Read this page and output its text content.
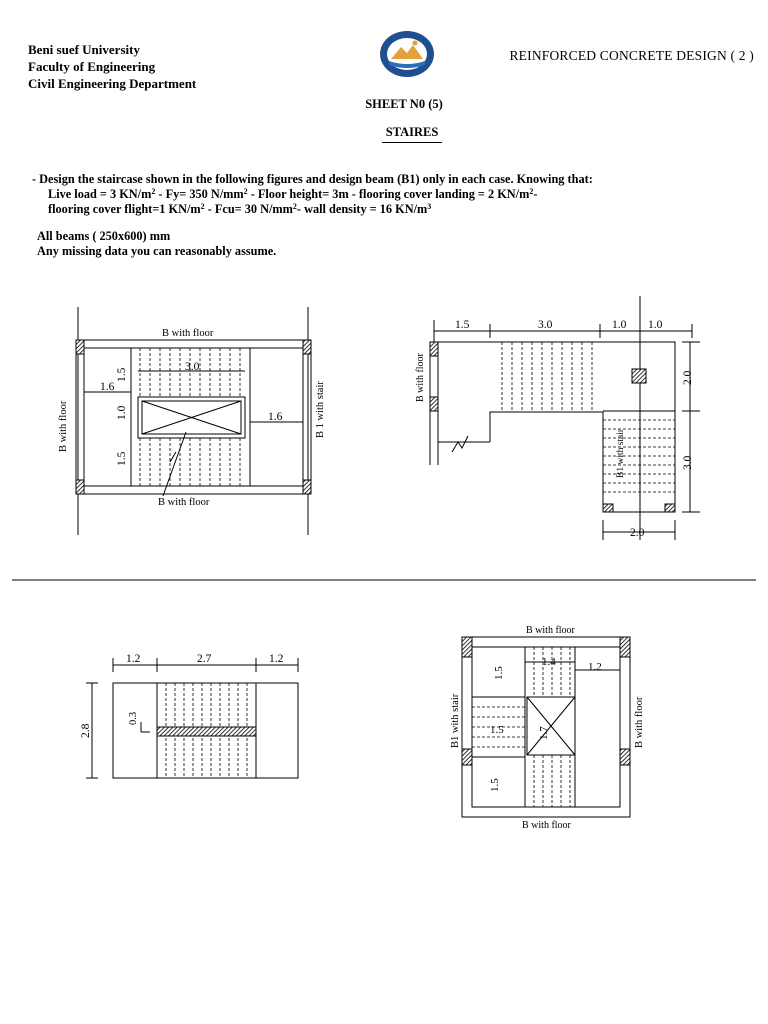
Beni suef University
Faculty of Engineering
Civil Engineering Department
REINFORCED CONCRETE DESIGN ( 2 )
SHEET N0 (5)
STAIRES
- Design the staircase shown in the following figures and design beam (B1) only in each case. Knowing that:
Live load = 3 $KN/m^2 - Fy= 350$ $N/mm^2$ - Floor height= 3m - flooring cover landing = 2 $KN/m^2-$
flooring cover flight=1 $KN/m^2 - Fcu= 30$ $N/mm^2-$ wall density = 16 $KN/m^3$
All beams ( 250x600) mm
Any missing data you can reasonably assume.
B with floor
B with floor
B with floor	B 1 with stair
3.0
1.6
1.6
1.5
1.0
1.5
1.5	3.0	1.0 1.0
2.0
3.0
2.0
B with floor
B1 with stair
1.2	2.7	1.2
2.8
0.3
B with floor
B with floor
B1 with stair	B with floor
1.5
1.4	1.2
1.5	1.7
1.5
